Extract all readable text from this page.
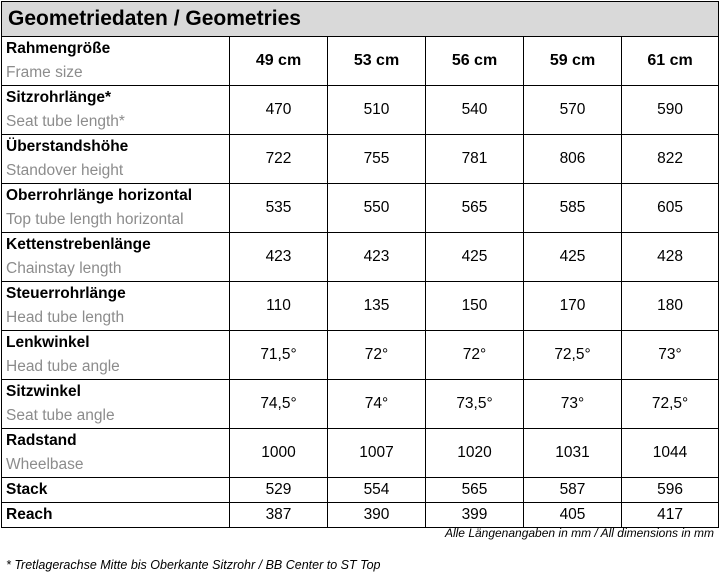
Geometriedaten / Geometries					

Rahmengröße
Frame size	49 cm	53 cm	56 cm	59 cm	61 cm

Sitzrohrlänge*
Seat tube length*	470	510	540	570	590

Überstandshöhe
Standover height	722	755	781	806	822

Oberrohrlänge horizontal
Top tube length horizontal	535	550	565	585	605

Kettenstrebenlänge
Chainstay length	423	423	425	425	428

Steuerrohrlänge
Head tube length	110	135	150	170	180

Lenkwinkel
Head tube angle	71,5°	72°	72°	72,5°	73°

Sitzwinkel
Seat tube angle	74,5°	74°	73,5°	73°	72,5°

Radstand
Wheelbase	1000	1007	1020	1031	1044

Stack	529	554	565	587	596

Reach	387	390	399	405	417
Alle Längenangaben in mm / All dimensions in mm
* Tretlagerachse Mitte bis Oberkante Sitzrohr / BB Center to ST Top
